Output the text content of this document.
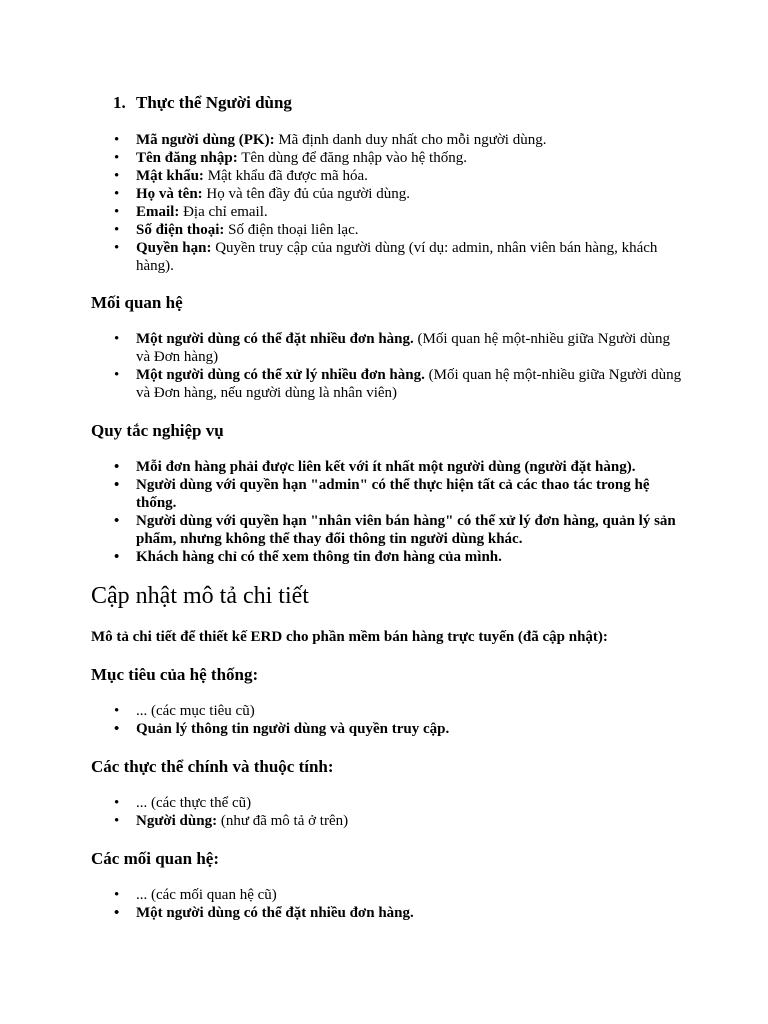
1. Thực thể Người dùng
• Mã người dùng (PK): Mã định danh duy nhất cho mỗi người dùng.
• Tên đăng nhập: Tên dùng để đăng nhập vào hệ thống.
• Mật khẩu: Mật khẩu đã được mã hóa.
• Họ và tên: Họ và tên đầy đủ của người dùng.
• Email: Địa chỉ email.
• Số điện thoại: Số điện thoại liên lạc.
• Quyền hạn: Quyền truy cập của người dùng (ví dụ: admin, nhân viên bán hàng, khách hàng).
Mối quan hệ
• Một người dùng có thể đặt nhiều đơn hàng. (Mối quan hệ một-nhiều giữa Người dùng và Đơn hàng)
• Một người dùng có thể xử lý nhiều đơn hàng. (Mối quan hệ một-nhiều giữa Người dùng và Đơn hàng, nếu người dùng là nhân viên)
Quy tắc nghiệp vụ
• Mỗi đơn hàng phải được liên kết với ít nhất một người dùng (người đặt hàng).
• Người dùng với quyền hạn "admin" có thể thực hiện tất cả các thao tác trong hệ thống.
• Người dùng với quyền hạn "nhân viên bán hàng" có thể xử lý đơn hàng, quản lý sản phẩm, nhưng không thể thay đổi thông tin người dùng khác.
• Khách hàng chỉ có thể xem thông tin đơn hàng của mình.
Cập nhật mô tả chi tiết
Mô tả chi tiết để thiết kế ERD cho phần mềm bán hàng trực tuyến (đã cập nhật):
Mục tiêu của hệ thống:
• ... (các mục tiêu cũ)
• Quản lý thông tin người dùng và quyền truy cập.
Các thực thể chính và thuộc tính:
• ... (các thực thể cũ)
• Người dùng: (như đã mô tả ở trên)
Các mối quan hệ:
• ... (các mối quan hệ cũ)
• Một người dùng có thể đặt nhiều đơn hàng.
